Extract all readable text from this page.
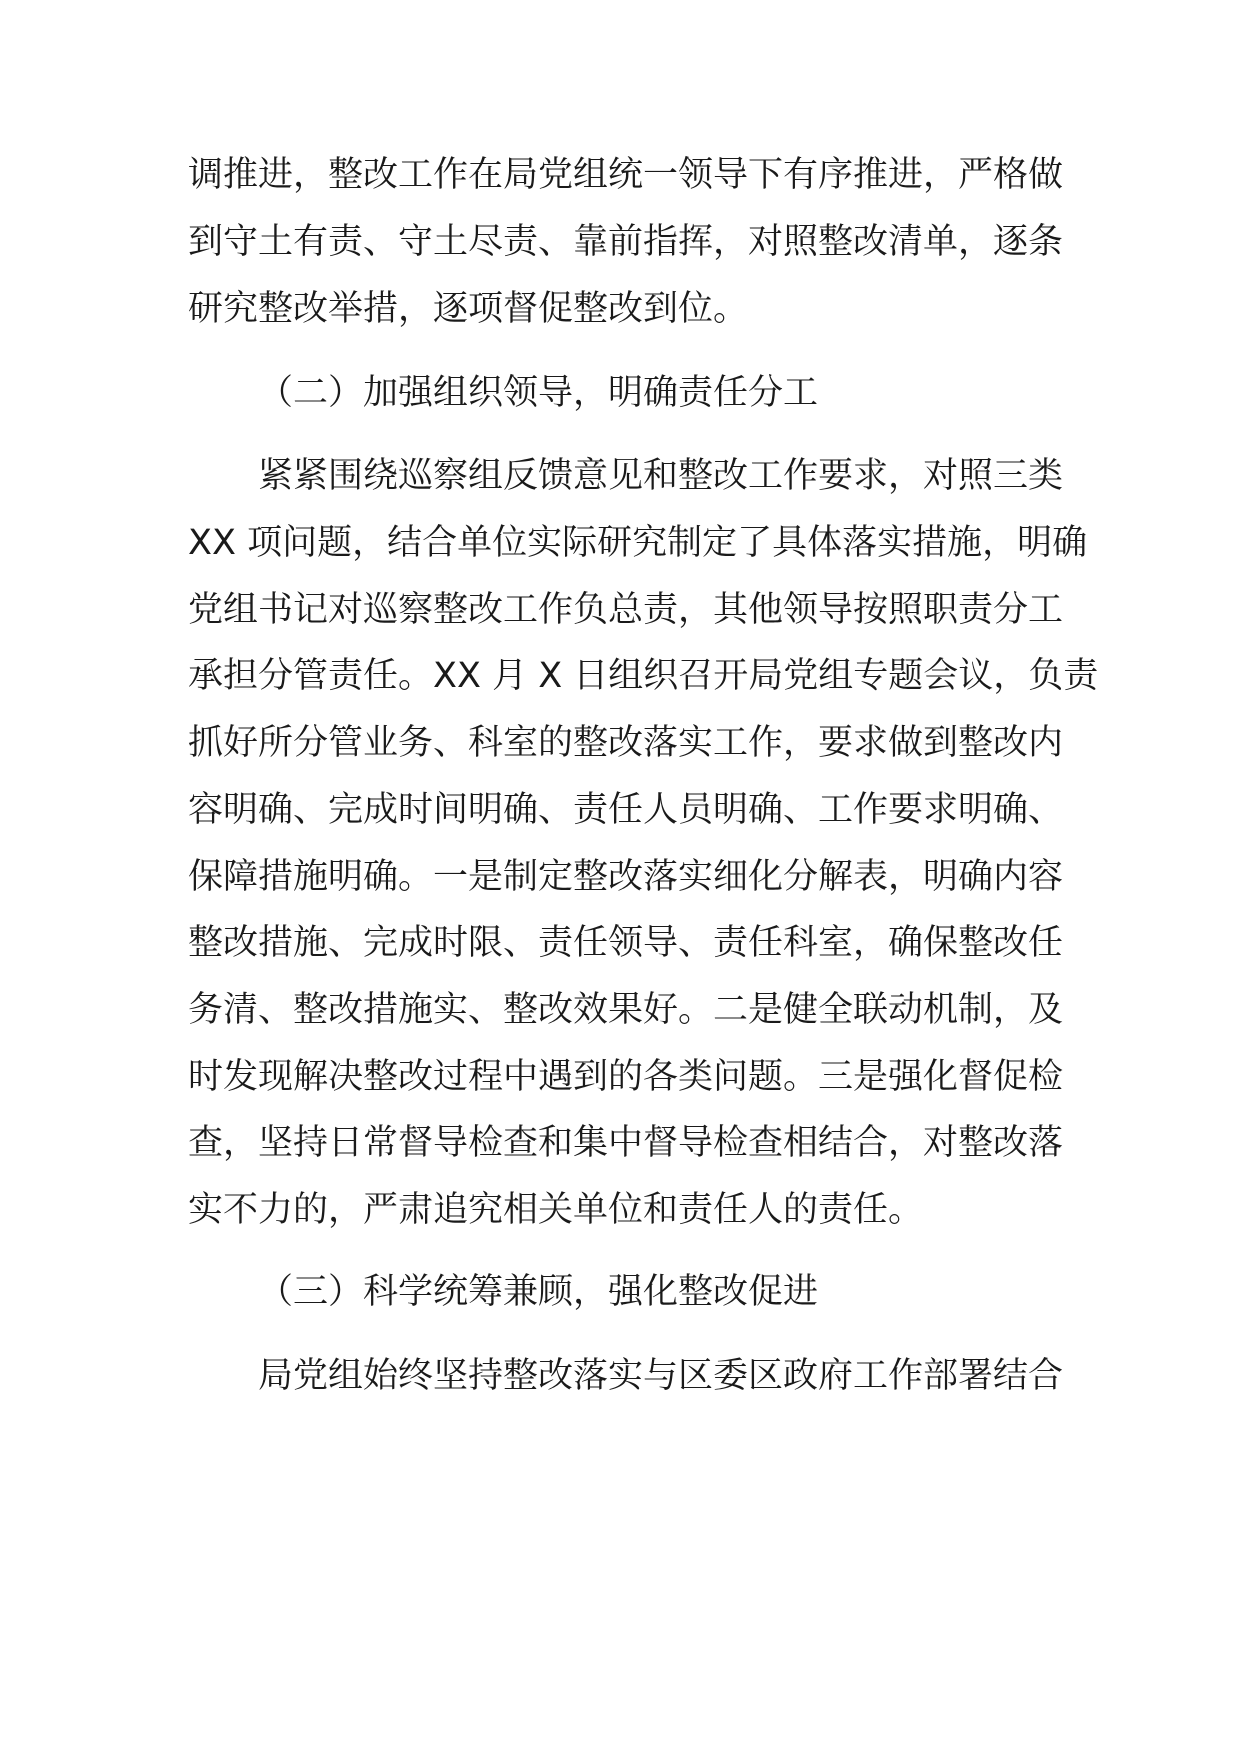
调推进，整改工作在局党组统一领导下有序推进，严格做
到守土有责、守土尽责、靠前指挥，对照整改清单，逐条
研究整改举措，逐项督促整改到位。
（二）加强组织领导，明确责任分工
紧紧围绕巡察组反馈意见和整改工作要求，对照三类
XX 项问题，结合单位实际研究制定了具体落实措施，明确
党组书记对巡察整改工作负总责，其他领导按照职责分工
承担分管责任。XX 月 X 日组织召开局党组专题会议，负责
抓好所分管业务、科室的整改落实工作，要求做到整改内
容明确、完成时间明确、责任人员明确、工作要求明确、
保障措施明确。一是制定整改落实细化分解表，明确内容
整改措施、完成时限、责任领导、责任科室，确保整改任
务清、整改措施实、整改效果好。二是健全联动机制，及
时发现解决整改过程中遇到的各类问题。三是强化督促检
查，坚持日常督导检查和集中督导检查相结合，对整改落
实不力的，严肃追究相关单位和责任人的责任。
（三）科学统筹兼顾，强化整改促进
局党组始终坚持整改落实与区委区政府工作部署结合
